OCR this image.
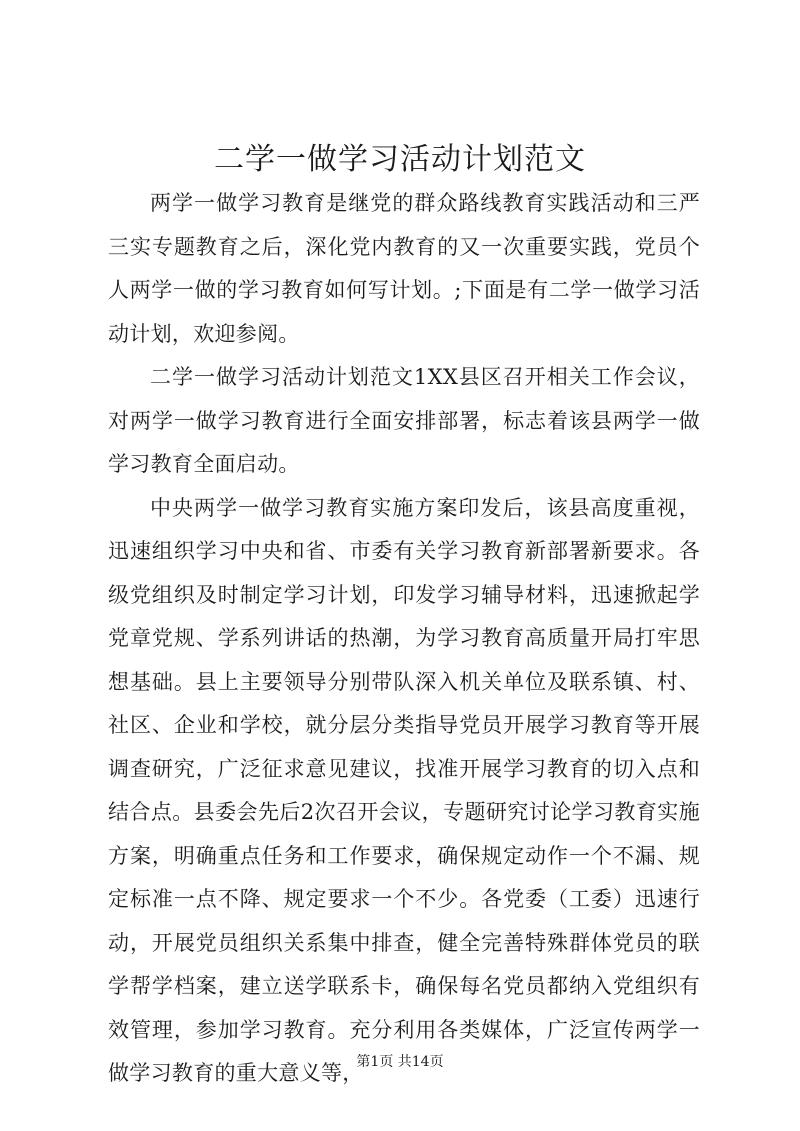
二学一做学习活动计划范文

两学一做学习教育是继党的群众路线教育实践活动和三严三实专题教育之后，深化党内教育的又一次重要实践，党员个人两学一做的学习教育如何写计划。;下面是有二学一做学习活动计划，欢迎参阅。

二学一做学习活动计划范文1XX县区召开相关工作会议，对两学一做学习教育进行全面安排部署，标志着该县两学一做学习教育全面启动。

中央两学一做学习教育实施方案印发后，该县高度重视，迅速组织学习中央和省、市委有关学习教育新部署新要求。各级党组织及时制定学习计划，印发学习辅导材料，迅速掀起学党章党规、学系列讲话的热潮，为学习教育高质量开局打牢思想基础。县上主要领导分别带队深入机关单位及联系镇、村、社区、企业和学校，就分层分类指导党员开展学习教育等开展调查研究，广泛征求意见建议，找准开展学习教育的切入点和结合点。县委会先后2次召开会议，专题研究讨论学习教育实施方案，明确重点任务和工作要求，确保规定动作一个不漏、规定标准一点不降、规定要求一个不少。各党委（工委）迅速行动，开展党员组织关系集中排查，健全完善特殊群体党员的联学帮学档案，建立送学联系卡，确保每名党员都纳入党组织有效管理，参加学习教育。充分利用各类媒体，广泛宣传两学一做学习教育的重大意义等，

第1页 共14页
